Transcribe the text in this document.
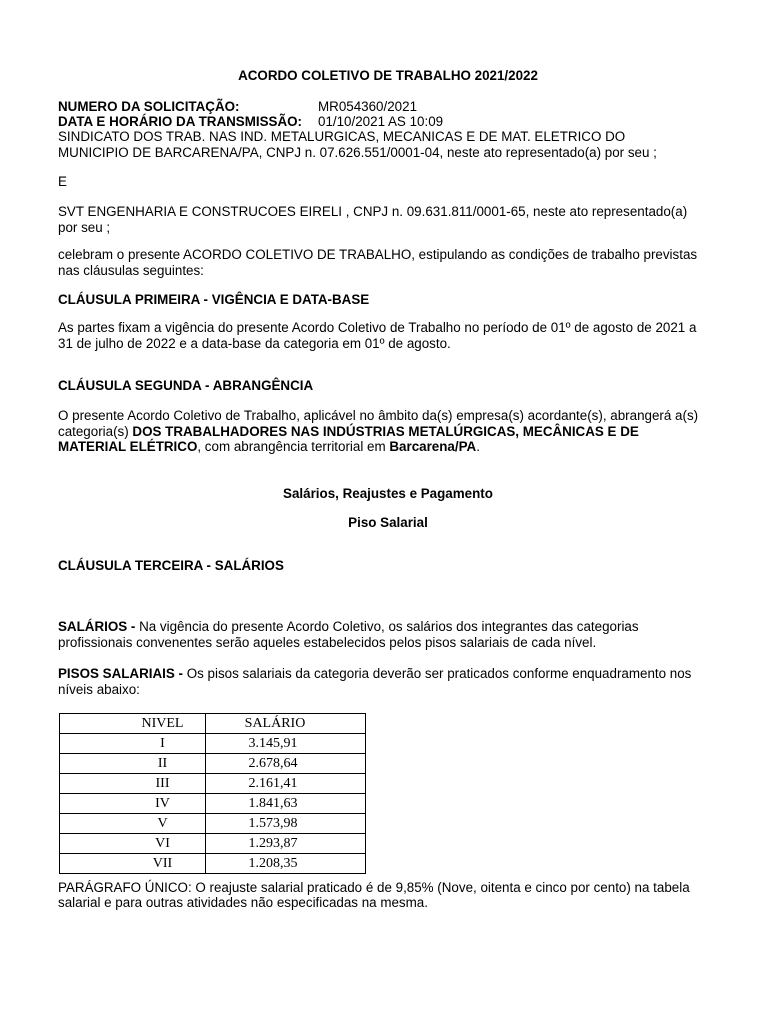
ACORDO COLETIVO DE TRABALHO 2021/2022
NUMERO DA SOLICITAÇÃO:	MR054360/2021
DATA E HORÁRIO DA TRANSMISSÃO: 01/10/2021 AS 10:09
SINDICATO DOS TRAB. NAS IND. METALURGICAS, MECANICAS E DE MAT. ELETRICO DO
MUNICIPIO DE BARCARENA/PA, CNPJ n. 07.626.551/0001-04, neste ato representado(a) por seu ;
E
SVT ENGENHARIA E CONSTRUCOES EIRELI , CNPJ n. 09.631.811/0001-65, neste ato representado(a)
por seu ;
celebram o presente ACORDO COLETIVO DE TRABALHO, estipulando as condições de trabalho previstas
nas cláusulas seguintes:
CLÁUSULA PRIMEIRA - VIGÊNCIA E DATA-BASE
As partes fixam a vigência do presente Acordo Coletivo de Trabalho no período de 01º de agosto de 2021 a
31 de julho de 2022 e a data-base da categoria em 01º de agosto.
CLÁUSULA SEGUNDA - ABRANGÊNCIA
O presente Acordo Coletivo de Trabalho, aplicável no âmbito da(s) empresa(s) acordante(s), abrangerá a(s)
categoria(s) DOS TRABALHADORES NAS INDÚSTRIAS METALÚRGICAS, MECÂNICAS E DE
MATERIAL ELÉTRICO, com abrangência territorial em Barcarena/PA.
Salários, Reajustes e Pagamento
Piso Salarial
CLÁUSULA TERCEIRA - SALÁRIOS
SALÁRIOS - Na vigência do presente Acordo Coletivo, os salários dos integrantes das categorias
profissionais convenentes serão aqueles estabelecidos pelos pisos salariais de cada nível.
PISOS SALARIAIS - Os pisos salariais da categoria deverão ser praticados conforme enquadramento nos
níveis abaixo:
NIVEL	SALÁRIO
I	3.145,91
II	2.678,64
III	2.161,41
IV	1.841,63
V	1.573,98
VI	1.293,87
VII	1.208,35
PARÁGRAFO ÚNICO: O reajuste salarial praticado é de 9,85% (Nove, oitenta e cinco por cento) na tabela
salarial e para outras atividades não especificadas na mesma.
